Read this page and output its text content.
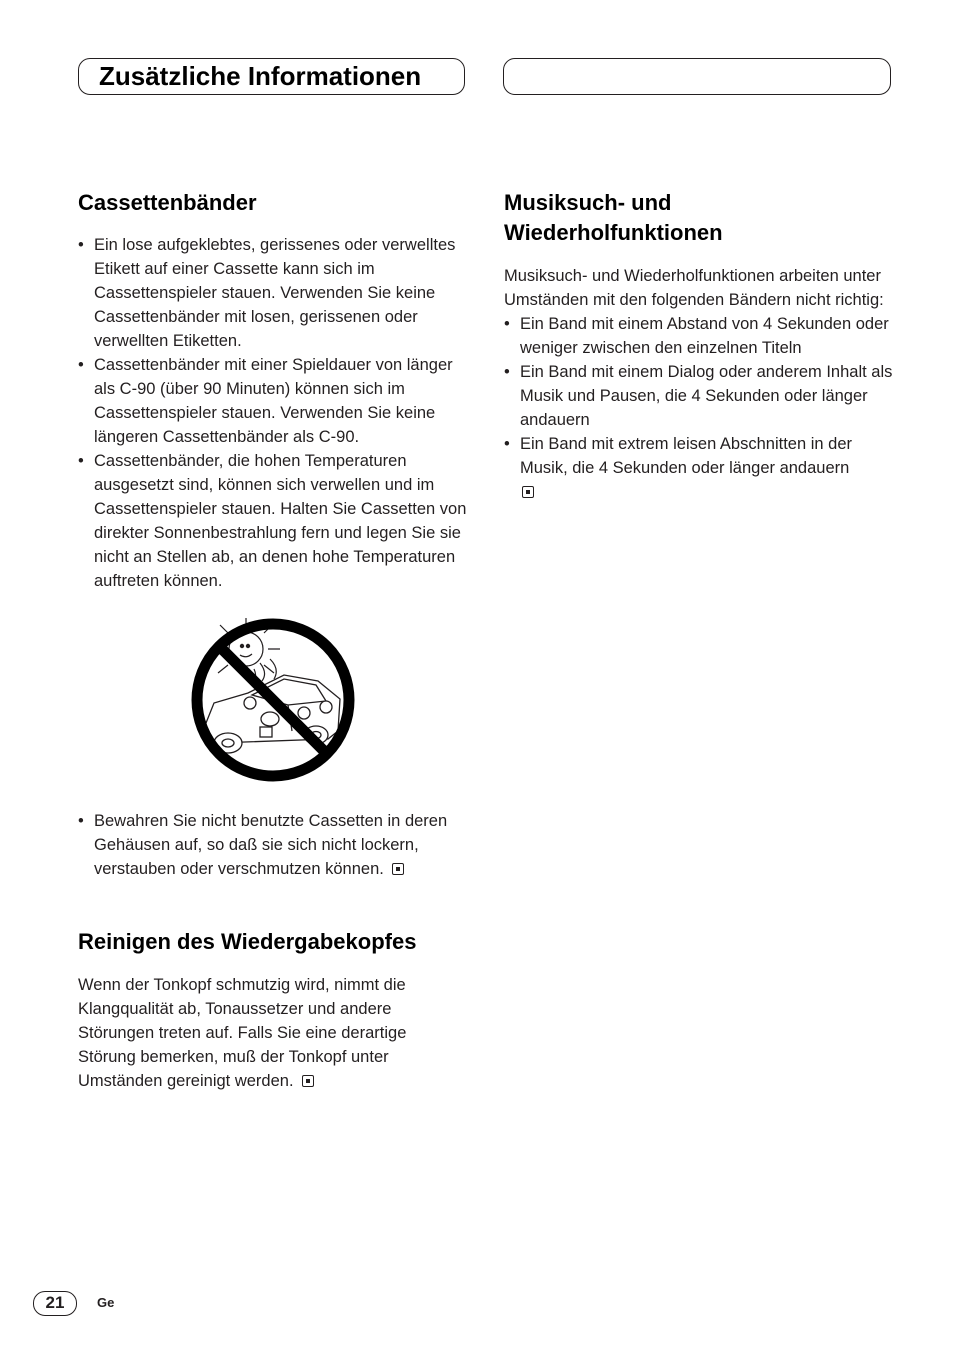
Zusätzliche Informationen
Cassettenbänder
• Ein lose aufgeklebtes, gerissenes oder verwelltes Etikett auf einer Cassette kann sich im Cassettenspieler stauen. Verwenden Sie keine Cassettenbänder mit losen, gerissenen oder verwellten Etiketten.
• Cassettenbänder mit einer Spieldauer von länger als C-90 (über 90 Minuten) können sich im Cassettenspieler stauen. Verwenden Sie keine längeren Cassettenbänder als C-90.
• Cassettenbänder, die hohen Temperaturen ausgesetzt sind, können sich verwellen und im Cassettenspieler stauen. Halten Sie Cassetten von direkter Sonnenbestrahlung fern und legen Sie sie nicht an Stellen ab, an denen hohe Temperaturen auftreten können.
• Bewahren Sie nicht benutzte Cassetten in deren Gehäusen auf, so daß sie sich nicht lockern, verstauben oder verschmutzen können.
Reinigen des Wiedergabekopfes

Wenn der Tonkopf schmutzig wird, nimmt die Klangqualität ab, Tonaussetzer und andere Störungen treten auf. Falls Sie eine derartige Störung bemerken, muß der Tonkopf unter Umständen gereinigt werden.

Musiksuch- und Wiederholfunktionen

Musiksuch- und Wiederholfunktionen arbeiten unter Umständen mit den folgenden Bändern nicht richtig:

• Ein Band mit einem Abstand von 4 Sekunden oder weniger zwischen den einzelnen Titeln
• Ein Band mit einem Dialog oder anderem Inhalt als Musik und Pausen, die 4 Sekunden oder länger andauern
• Ein Band mit extrem leisen Abschnitten in der Musik, die 4 Sekunden oder länger andauern

21	Ge
